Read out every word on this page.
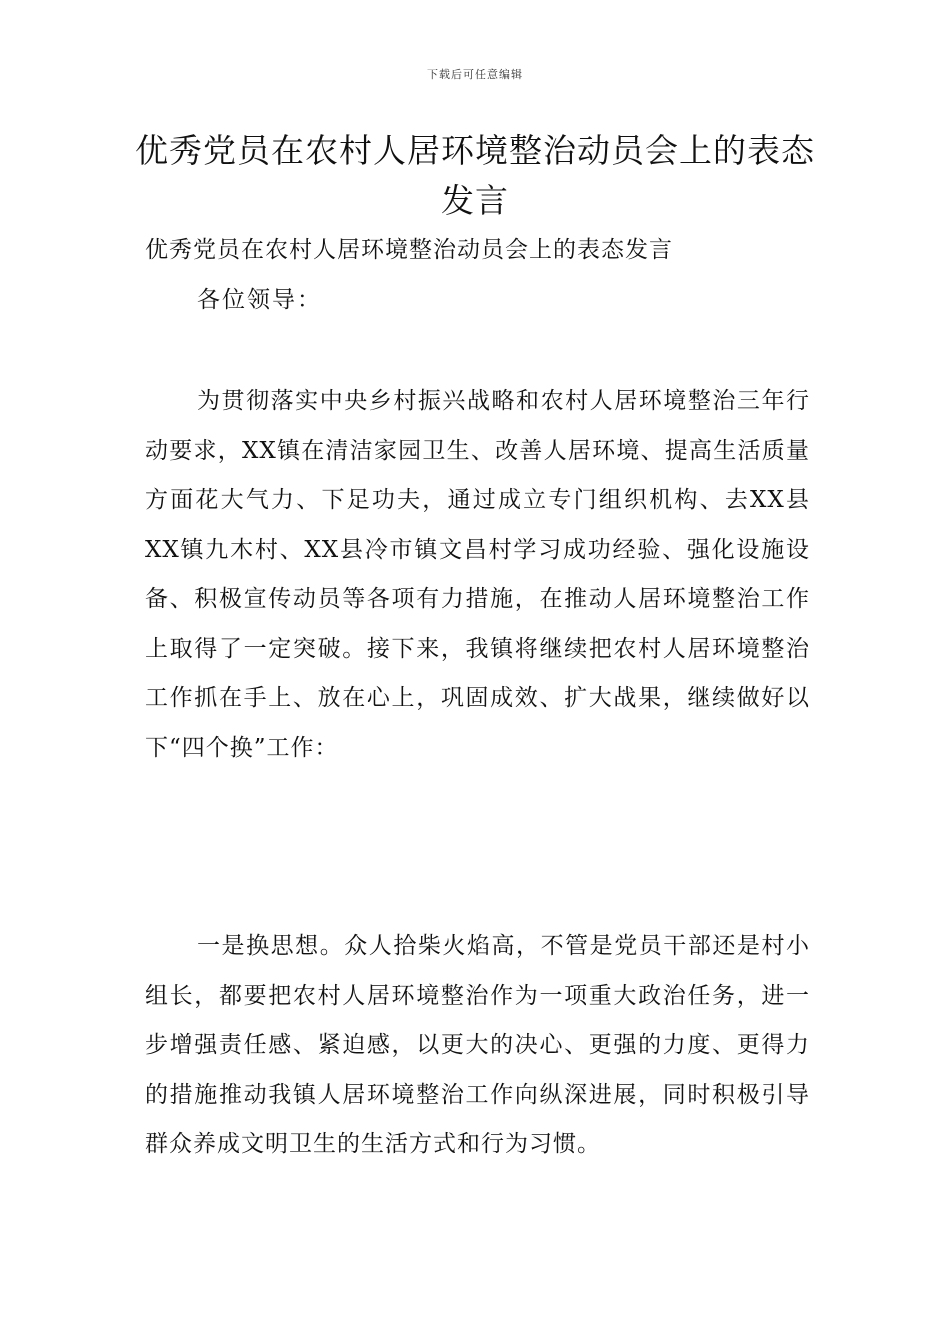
下载后可任意编辑
优秀党员在农村人居环境整治动员会上的表态发言
优秀党员在农村人居环境整治动员会上的表态发言
各位领导：

为贯彻落实中央乡村振兴战略和农村人居环境整治三年行动要求，XX镇在清洁家园卫生、改善人居环境、提高生活质量方面花大气力、下足功夫，通过成立专门组织机构、去XX县XX镇九木村、XX县冷市镇文昌村学习成功经验、强化设施设备、积极宣传动员等各项有力措施，在推动人居环境整治工作上取得了一定突破。接下来，我镇将继续把农村人居环境整治工作抓在手上、放在心上，巩固成效、扩大战果，继续做好以下“四个换”工作：

一是换思想。众人拾柴火焰高，不管是党员干部还是村小组长，都要把农村人居环境整治作为一项重大政治任务，进一步增强责任感、紧迫感，以更大的决心、更强的力度、更得力的措施推动我镇人居环境整治工作向纵深进展，同时积极引导群众养成文明卫生的生活方式和行为习惯。
